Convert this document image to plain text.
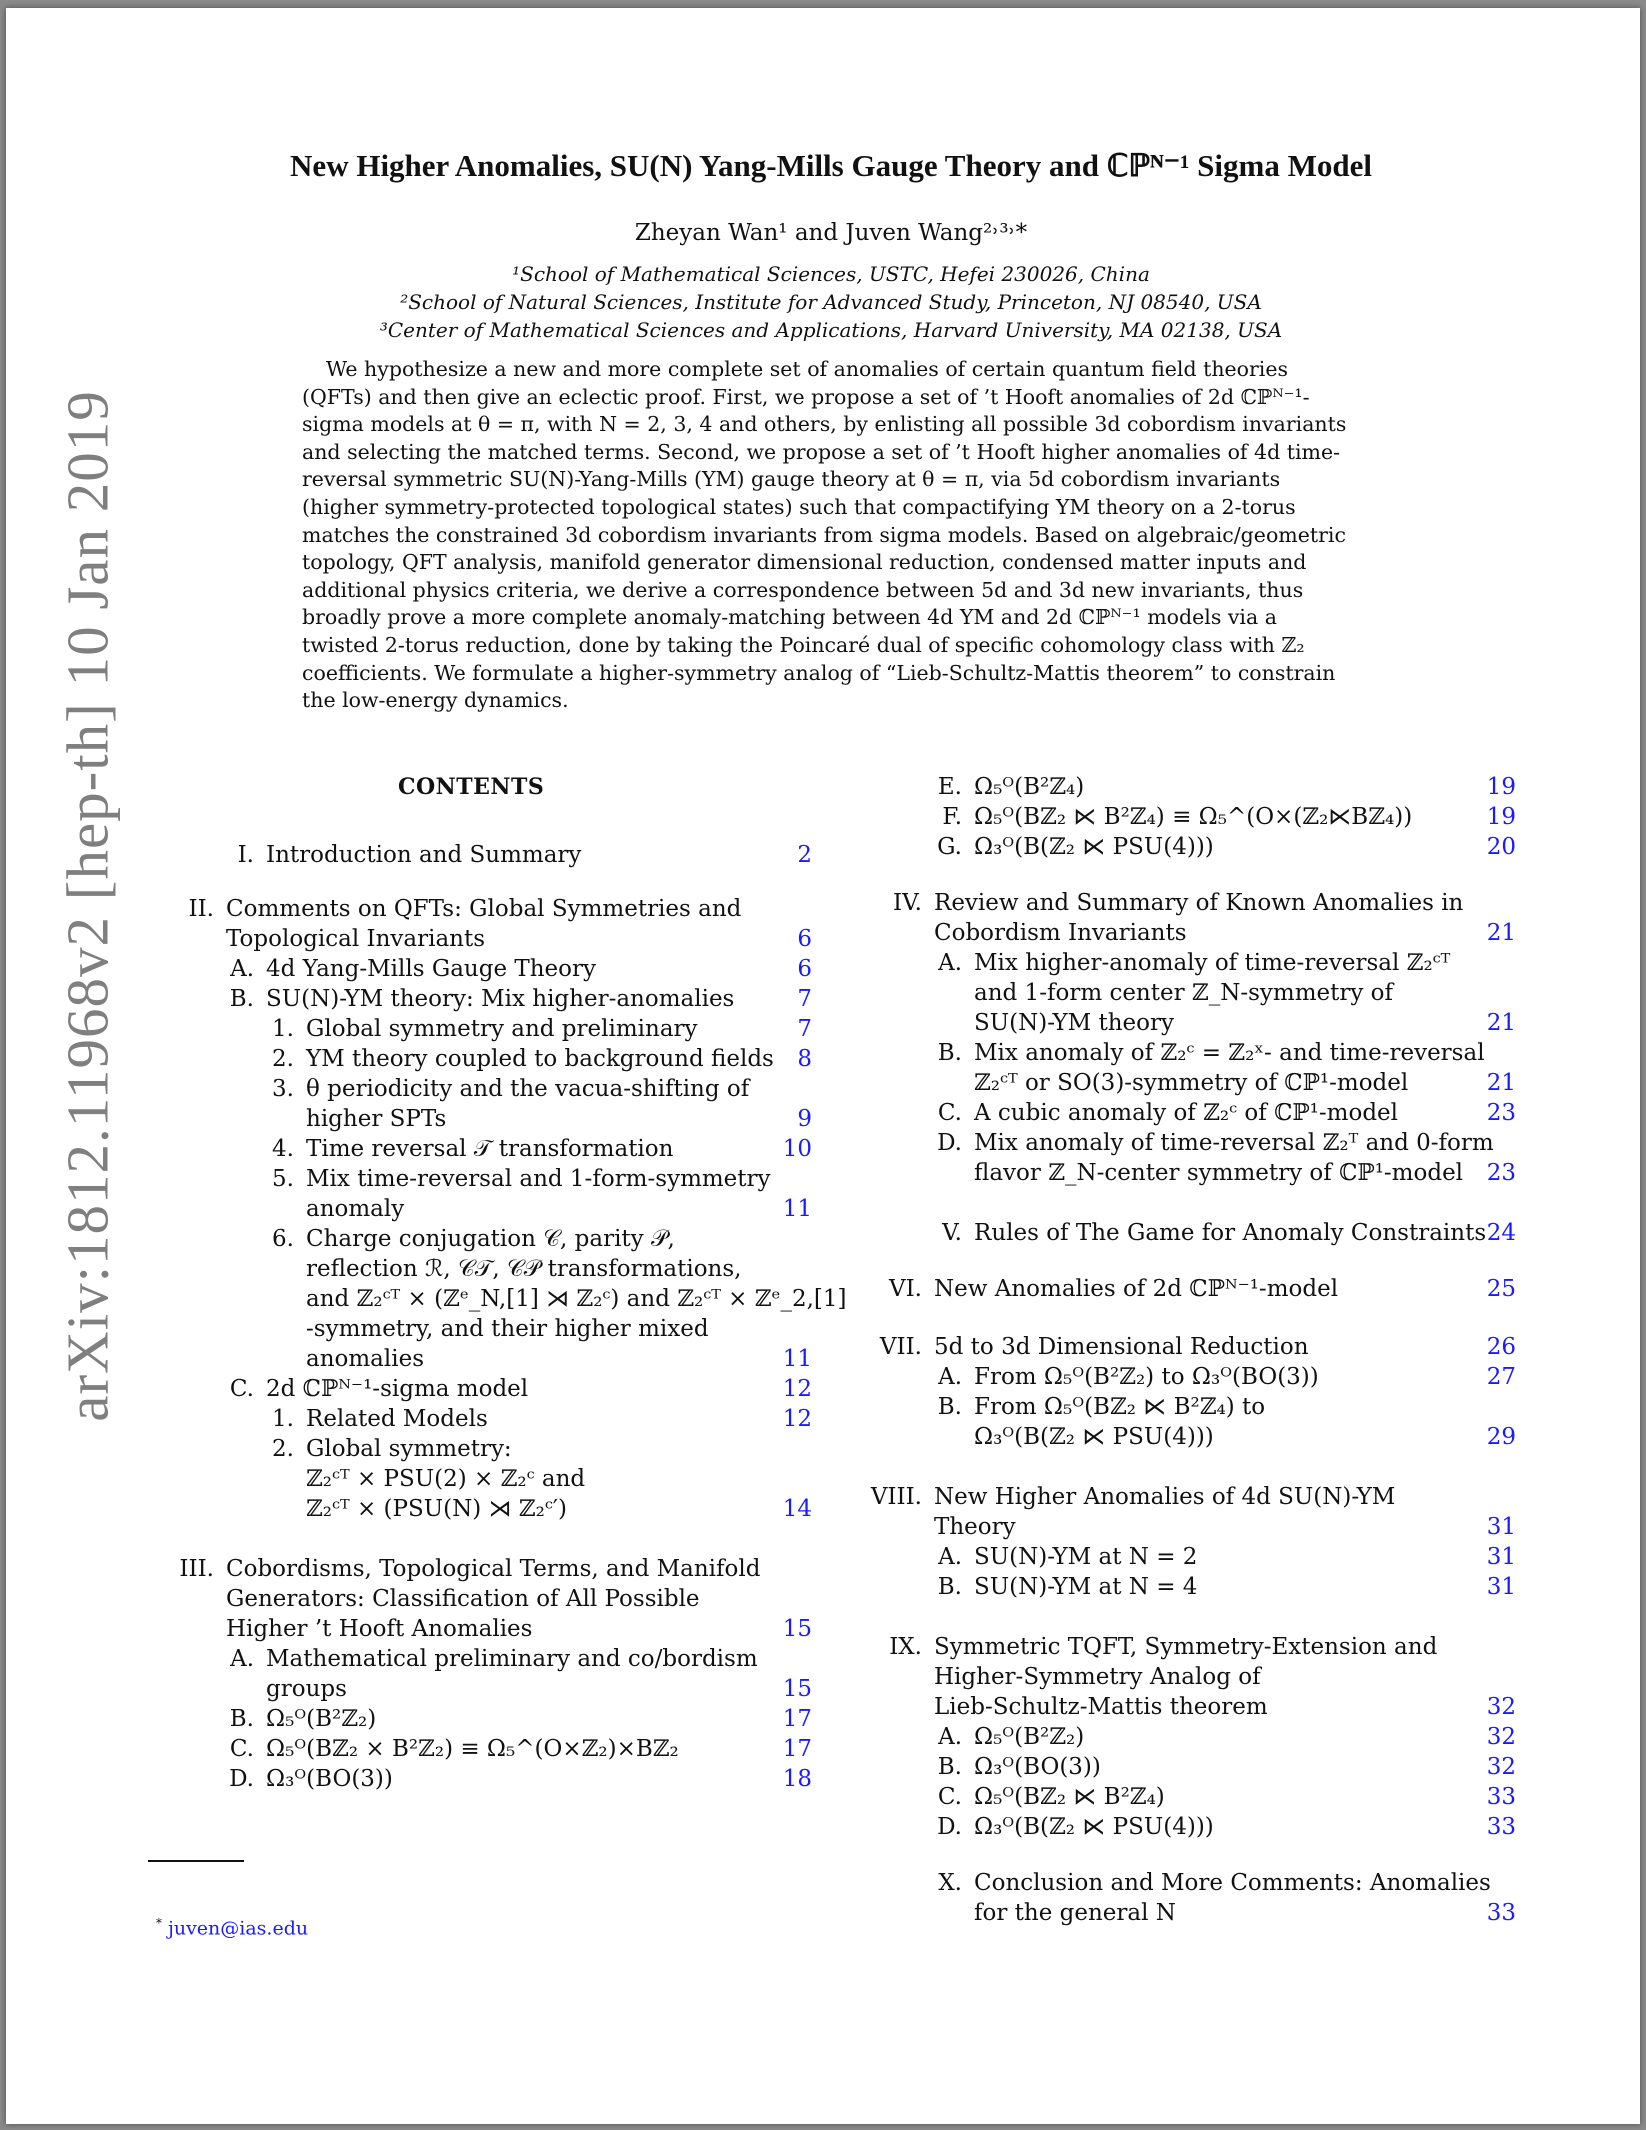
arXiv:1812.11968v2 [hep-th] 10 Jan 2019
New Higher Anomalies, SU(N) Yang-Mills Gauge Theory and ℂℙᴺ⁻¹ Sigma Model
Zheyan Wan¹ and Juven Wang²˒³˒*
¹School of Mathematical Sciences, USTC, Hefei 230026, China
²School of Natural Sciences, Institute for Advanced Study, Princeton, NJ 08540, USA
³Center of Mathematical Sciences and Applications, Harvard University, MA 02138, USA
We hypothesize a new and more complete set of anomalies of certain quantum field theories
(QFTs) and then give an eclectic proof. First, we propose a set of ’t Hooft anomalies of 2d ℂℙᴺ⁻¹-
sigma models at θ = π, with N = 2, 3, 4 and others, by enlisting all possible 3d cobordism invariants
and selecting the matched terms. Second, we propose a set of ’t Hooft higher anomalies of 4d time-
reversal symmetric SU(N)-Yang-Mills (YM) gauge theory at θ = π, via 5d cobordism invariants
(higher symmetry-protected topological states) such that compactifying YM theory on a 2-torus
matches the constrained 3d cobordism invariants from sigma models. Based on algebraic/geometric
topology, QFT analysis, manifold generator dimensional reduction, condensed matter inputs and
additional physics criteria, we derive a correspondence between 5d and 3d new invariants, thus
broadly prove a more complete anomaly-matching between 4d YM and 2d ℂℙᴺ⁻¹ models via a
twisted 2-torus reduction, done by taking the Poincaré dual of specific cohomology class with ℤ₂
coefficients. We formulate a higher-symmetry analog of “Lieb-Schultz-Mattis theorem” to constrain
the low-energy dynamics.
CONTENTS
I. Introduction and Summary	2
II. Comments on QFTs: Global Symmetries and
Topological Invariants	6
A. 4d Yang-Mills Gauge Theory	6
B. SU(N)-YM theory: Mix higher-anomalies	7
1. Global symmetry and preliminary	7
2. YM theory coupled to background fields 8
3. θ periodicity and the vacua-shifting of
higher SPTs	9
4. Time reversal 𝒯 transformation	10
5. Mix time-reversal and 1-form-symmetry
anomaly	11
6. Charge conjugation 𝒞, parity 𝒫,
reflection ℛ, 𝒞𝒯, 𝒞𝒫 transformations,
and ℤ₂ᶜᵀ × (ℤᵉ_N,[1] ⋊ ℤ₂ᶜ) and ℤ₂ᶜᵀ × ℤᵉ_2,[1]
-symmetry, and their higher mixed
anomalies	11
C. 2d ℂℙᴺ⁻¹-sigma model	12
1. Related Models	12
2. Global symmetry:
ℤ₂ᶜᵀ × PSU(2) × ℤ₂ᶜ and
ℤ₂ᶜᵀ × (PSU(N) ⋊ ℤ₂ᶜ′)	14
III. Cobordisms, Topological Terms, and Manifold
Generators: Classification of All Possible
Higher ’t Hooft Anomalies	15
A. Mathematical preliminary and co/bordism
groups	15
B. Ω₅ᴼ(B²ℤ₂)	17
C. Ω₅ᴼ(Bℤ₂ × B²ℤ₂) ≡ Ω₅^(O×ℤ₂)×Bℤ₂	17
D. Ω₃ᴼ(BO(3))	18
E. Ω₅ᴼ(B²ℤ₄)	19
F. Ω₅ᴼ(Bℤ₂ ⋉ B²ℤ₄) ≡ Ω₅^(O×(ℤ₂⋉Bℤ₄))	19
G. Ω₃ᴼ(B(ℤ₂ ⋉ PSU(4)))	20
IV. Review and Summary of Known Anomalies in
Cobordism Invariants	21
A. Mix higher-anomaly of time-reversal ℤ₂ᶜᵀ
and 1-form center ℤ_N-symmetry of
SU(N)-YM theory	21
B. Mix anomaly of ℤ₂ᶜ = ℤ₂ˣ- and time-reversal
ℤ₂ᶜᵀ or SO(3)-symmetry of ℂℙ¹-model	21
C. A cubic anomaly of ℤ₂ᶜ of ℂℙ¹-model	23
D. Mix anomaly of time-reversal ℤ₂ᵀ and 0-form
flavor ℤ_N-center symmetry of ℂℙ¹-model 23
V. Rules of The Game for Anomaly Constraints 24
VI. New Anomalies of 2d ℂℙᴺ⁻¹-model	25
VII. 5d to 3d Dimensional Reduction	26
A. From Ω₅ᴼ(B²ℤ₂) to Ω₃ᴼ(BO(3))	27
B. From Ω₅ᴼ(Bℤ₂ ⋉ B²ℤ₄) to
Ω₃ᴼ(B(ℤ₂ ⋉ PSU(4)))	29
VIII. New Higher Anomalies of 4d SU(N)-YM
Theory	31
A. SU(N)-YM at N = 2	31
B. SU(N)-YM at N = 4	31
IX. Symmetric TQFT, Symmetry-Extension and
Higher-Symmetry Analog of
Lieb-Schultz-Mattis theorem	32
A. Ω₅ᴼ(B²ℤ₂)	32
B. Ω₃ᴼ(BO(3))	32
C. Ω₅ᴼ(Bℤ₂ ⋉ B²ℤ₄)	33
D. Ω₃ᴼ(B(ℤ₂ ⋉ PSU(4)))	33
X. Conclusion and More Comments: Anomalies
for the general N	33
* juven@ias.edu
